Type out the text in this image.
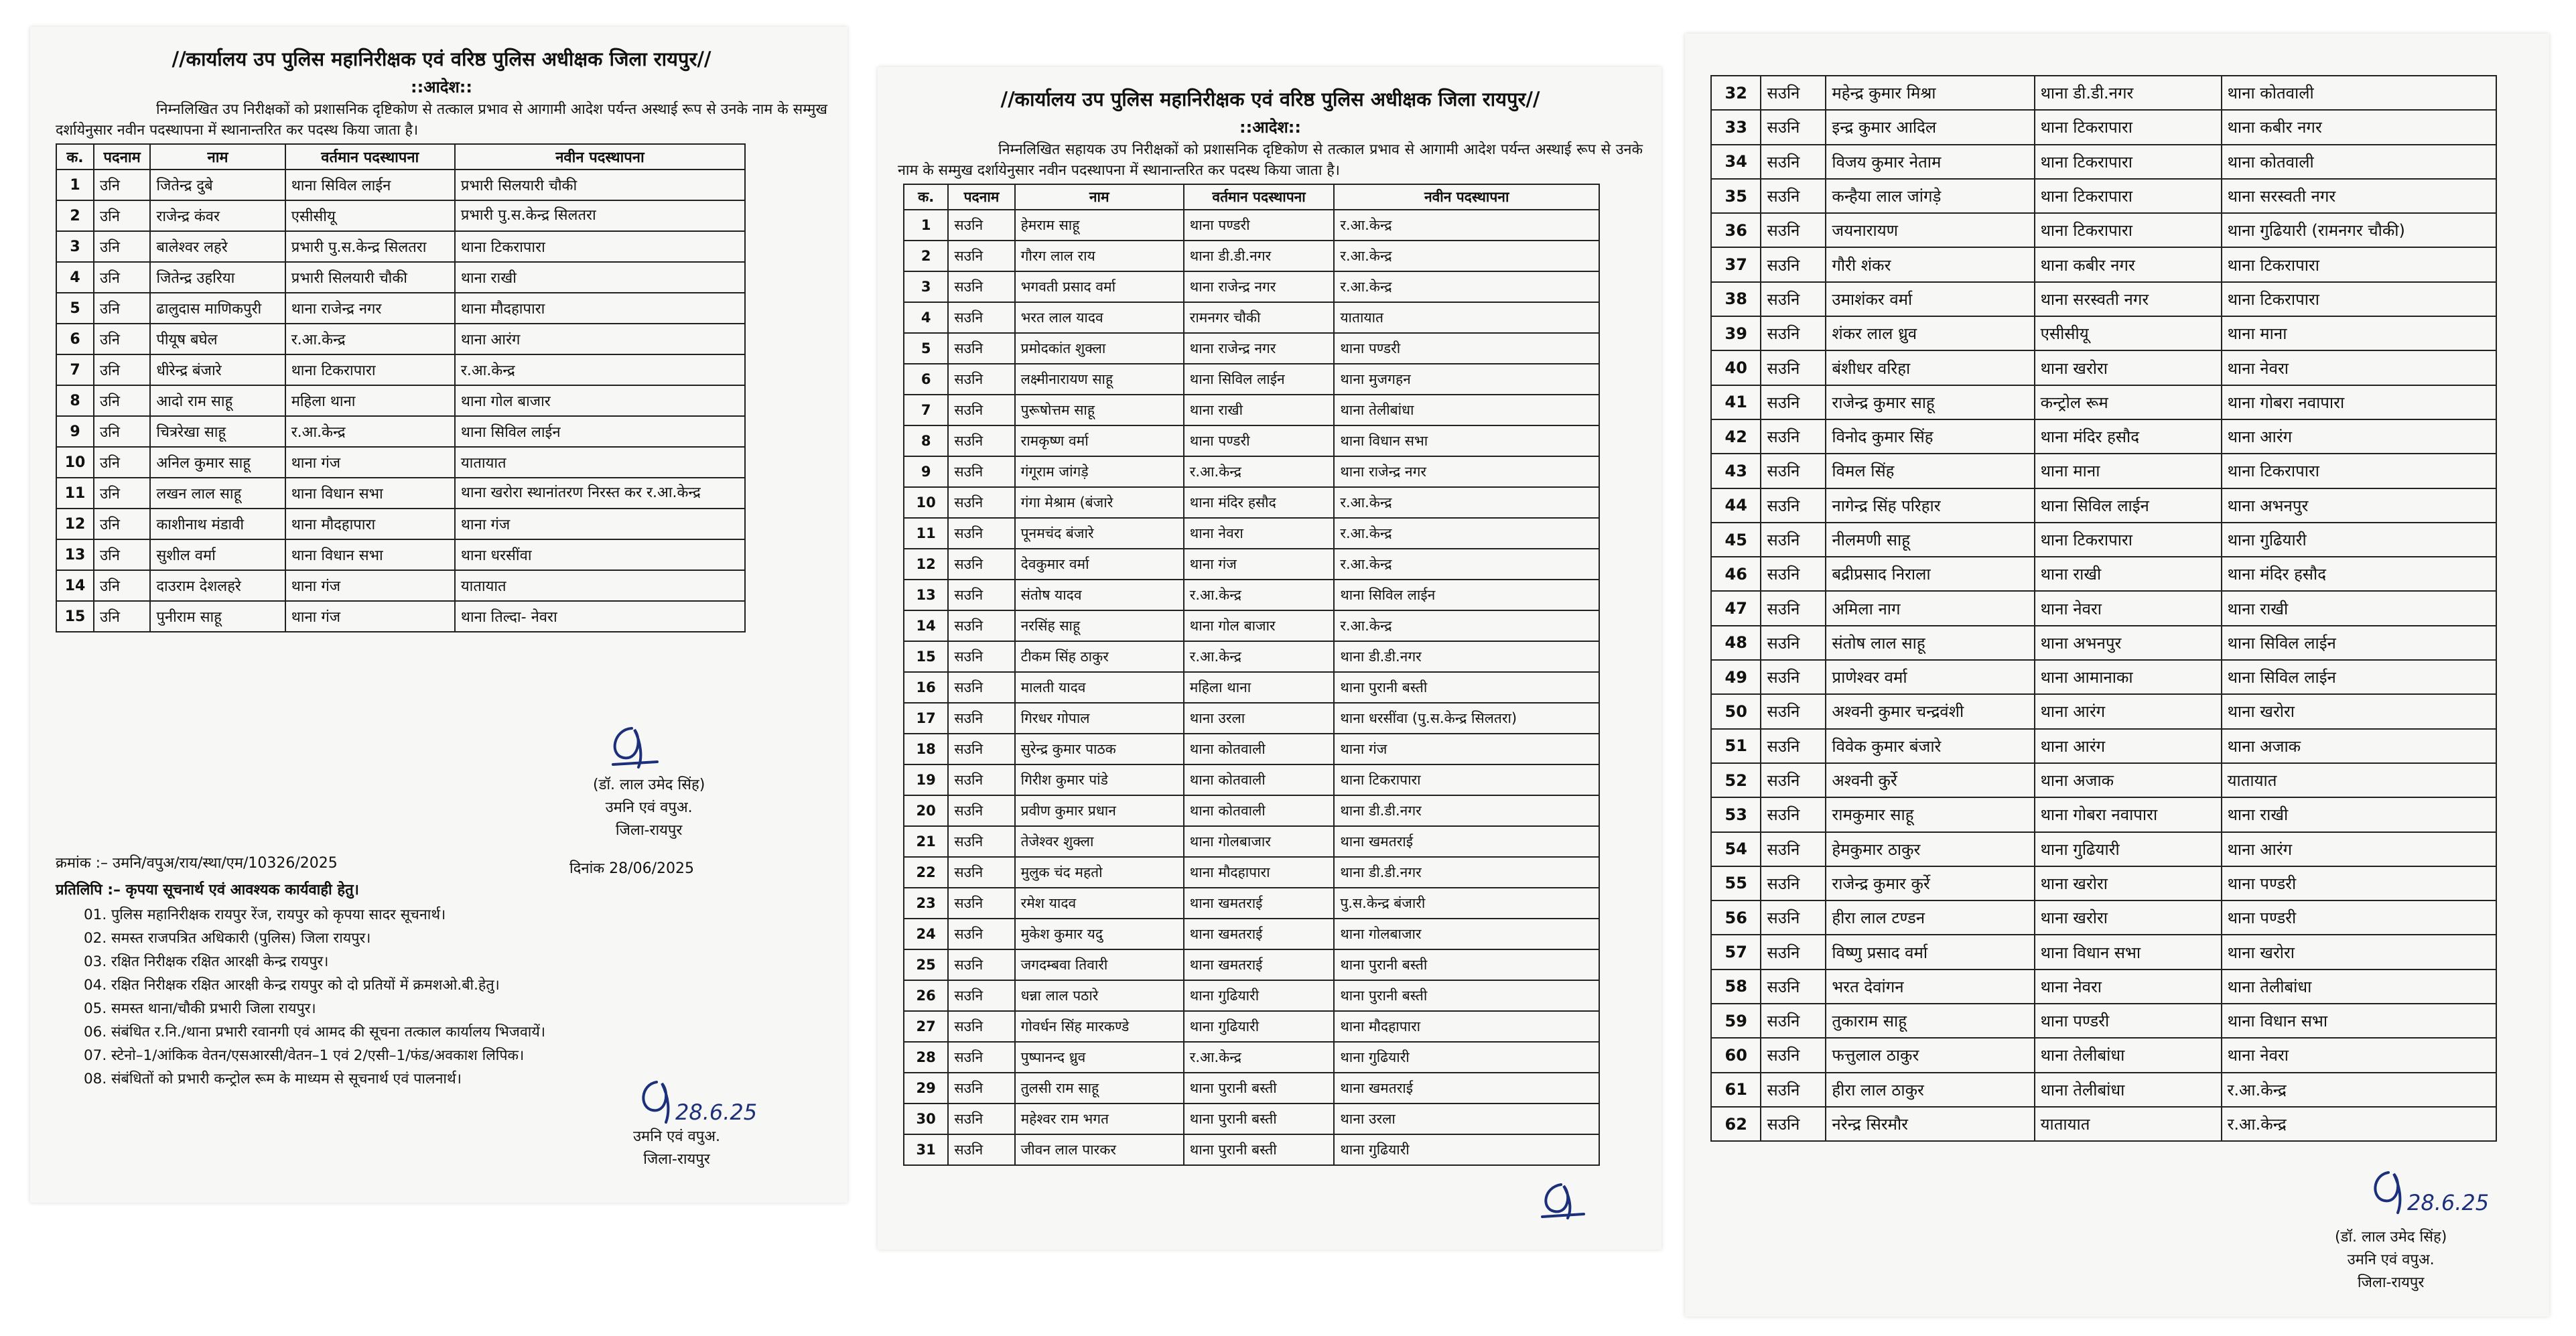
//कार्यालय उप पुलिस महानिरीक्षक एवं वरिष्ठ पुलिस अधीक्षक जिला रायपुर//
::आदेश::

निम्नलिखित उप निरीक्षकों को प्रशासनिक दृष्टिकोण से तत्काल प्रभाव से आगामी आदेश पर्यन्त अस्थाई रूप से उनके नाम के सम्मुख दर्शायेनुसार नवीन पदस्थापना में स्थानान्तरित कर पदस्थ किया जाता है।

क.	पदनाम	नाम	वर्तमान पदस्थापना	नवीन पदस्थापना
1	उनि	जितेन्द्र दुबे	थाना सिविल लाईन	प्रभारी सिलयारी चौकी
2	उनि	राजेन्द्र कंवर	एसीसीयू	प्रभारी पु.स.केन्द्र सिलतरा
3	उनि	बालेश्वर लहरे	प्रभारी पु.स.केन्द्र सिलतरा	थाना टिकरापारा
4	उनि	जितेन्द्र उहरिया	प्रभारी सिलयारी चौकी	थाना राखी
5	उनि	ढालुदास माणिकपुरी	थाना राजेन्द्र नगर	थाना मौदहापारा
6	उनि	पीयूष बघेल	र.आ.केन्द्र	थाना आरंग
7	उनि	धीरेन्द्र बंजारे	थाना टिकरापारा	र.आ.केन्द्र
8	उनि	आदो राम साहू	महिला थाना	थाना गोल बाजार
9	उनि	चित्ररेखा साहू	र.आ.केन्द्र	थाना सिविल लाईन
10	उनि	अनिल कुमार साहू	थाना गंज	यातायात
11	उनि	लखन लाल साहू	थाना विधान सभा	थाना खरोरा स्थानांतरण निरस्त कर र.आ.केन्द्र
12	उनि	काशीनाथ मंडावी	थाना मौदहापारा	थाना गंज
13	उनि	सुशील वर्मा	थाना विधान सभा	थाना धरसींवा
14	उनि	दाउराम देशलहरे	थाना गंज	यातायात
15	उनि	पुनीराम साहू	थाना गंज	थाना तिल्दा- नेवरा
(डॉ. लाल उमेद सिंह)
उमनि एवं वपुअ.
जिला-रायपुर
क्रमांक :– उमनि/वपुअ/राय/स्था/एम/10326/2025	दिनांक 28/06/2025
प्रतिलिपि :– कृपया सूचनार्थ एवं आवश्यक कार्यवाही हेतु।
01. पुलिस महानिरीक्षक रायपुर रेंज, रायपुर को कृपया सादर सूचनार्थ।
02. समस्त राजपत्रित अधिकारी (पुलिस) जिला रायपुर।
03. रक्षित निरीक्षक रक्षित आरक्षी केन्द्र रायपुर।
04. रक्षित निरीक्षक रक्षित आरक्षी केन्द्र रायपुर को दो प्रतियों में क्रमशओ.बी.हेतु।
05. समस्त थाना/चौकी प्रभारी जिला रायपुर।
06. संबंधित र.नि./थाना प्रभारी रवानगी एवं आमद की सूचना तत्काल कार्यालय भिजवायें।
07. स्टेनो–1/आंकिक वेतन/एसआरसी/वेतन–1 एवं 2/एसी–1/फंड/अवकाश लिपिक।
08. संबंधितों को प्रभारी कन्ट्रोल रूम के माध्यम से सूचनार्थ एवं पालनार्थ।
28.6.25
उमनि एवं वपुअ.
जिला-रायपुर
//कार्यालय उप पुलिस महानिरीक्षक एवं वरिष्ठ पुलिस अधीक्षक जिला रायपुर//
::आदेश::

निम्नलिखित सहायक उप निरीक्षकों को प्रशासनिक दृष्टिकोण से तत्काल प्रभाव से आगामी आदेश पर्यन्त अस्थाई रूप से उनके नाम के सम्मुख दर्शायेनुसार नवीन पदस्थापना में स्थानान्तरित कर पदस्थ किया जाता है।

क.	पदनाम	नाम	वर्तमान पदस्थापना	नवीन पदस्थापना
1	सउनि	हेमराम साहू	थाना पण्डरी	र.आ.केन्द्र
2	सउनि	गौरग लाल राय	थाना डी.डी.नगर	र.आ.केन्द्र
3	सउनि	भगवती प्रसाद वर्मा	थाना राजेन्द्र नगर	र.आ.केन्द्र
4	सउनि	भरत लाल यादव	रामनगर चौकी	यातायात
5	सउनि	प्रमोदकांत शुक्ला	थाना राजेन्द्र नगर	थाना पण्डरी
6	सउनि	लक्ष्मीनारायण साहू	थाना सिविल लाईन	थाना मुजगहन
7	सउनि	पुरूषोत्तम साहू	थाना राखी	थाना तेलीबांधा
8	सउनि	रामकृष्ण वर्मा	थाना पण्डरी	थाना विधान सभा
9	सउनि	गंगूराम जांगड़े	र.आ.केन्द्र	थाना राजेन्द्र नगर
10	सउनि	गंगा मेश्राम (बंजारे	थाना मंदिर हसौद	र.आ.केन्द्र
11	सउनि	पूनमचंद बंजारे	थाना नेवरा	र.आ.केन्द्र
12	सउनि	देवकुमार वर्मा	थाना गंज	र.आ.केन्द्र
13	सउनि	संतोष यादव	र.आ.केन्द्र	थाना सिविल लाईन
14	सउनि	नरसिंह साहू	थाना गोल बाजार	र.आ.केन्द्र
15	सउनि	टीकम सिंह ठाकुर	र.आ.केन्द्र	थाना डी.डी.नगर
16	सउनि	मालती यादव	महिला थाना	थाना पुरानी बस्ती
17	सउनि	गिरधर गोपाल	थाना उरला	थाना धरसींवा (पु.स.केन्द्र सिलतरा)
18	सउनि	सुरेन्द्र कुमार पाठक	थाना कोतवाली	थाना गंज
19	सउनि	गिरीश कुमार पांडे	थाना कोतवाली	थाना टिकरापारा
20	सउनि	प्रवीण कुमार प्रधान	थाना कोतवाली	थाना डी.डी.नगर
21	सउनि	तेजेश्वर शुक्ला	थाना गोलबाजार	थाना खमतराई
22	सउनि	मुलुक चंद महतो	थाना मौदहापारा	थाना डी.डी.नगर
23	सउनि	रमेश यादव	थाना खमतराई	पु.स.केन्द्र बंजारी
24	सउनि	मुकेश कुमार यदु	थाना खमतराई	थाना गोलबाजार
25	सउनि	जगदम्बवा तिवारी	थाना खमतराई	थाना पुरानी बस्ती
26	सउनि	धन्ना लाल पठारे	थाना गुढियारी	थाना पुरानी बस्ती
27	सउनि	गोवर्धन सिंह मारकण्डे	थाना गुढियारी	थाना मौदहापारा
28	सउनि	पुष्पानन्द ध्रुव	र.आ.केन्द्र	थाना गुढियारी
29	सउनि	तुलसी राम साहू	थाना पुरानी बस्ती	थाना खमतराई
30	सउनि	महेश्वर राम भगत	थाना पुरानी बस्ती	थाना उरला
31	सउनि	जीवन लाल पारकर	थाना पुरानी बस्ती	थाना गुढियारी
32	सउनि	महेन्द्र कुमार मिश्रा	थाना डी.डी.नगर	थाना कोतवाली
33	सउनि	इन्द्र कुमार आदिल	थाना टिकरापारा	थाना कबीर नगर
34	सउनि	विजय कुमार नेताम	थाना टिकरापारा	थाना कोतवाली
35	सउनि	कन्हैया लाल जांगड़े	थाना टिकरापारा	थाना सरस्वती नगर
36	सउनि	जयनारायण	थाना टिकरापारा	थाना गुढियारी (रामनगर चौकी)
37	सउनि	गौरी शंकर	थाना कबीर नगर	थाना टिकरापारा
38	सउनि	उमाशंकर वर्मा	थाना सरस्वती नगर	थाना टिकरापारा
39	सउनि	शंकर लाल ध्रुव	एसीसीयू	थाना माना
40	सउनि	बंशीधर वरिहा	थाना खरोरा	थाना नेवरा
41	सउनि	राजेन्द्र कुमार साहू	कन्ट्रोल रूम	थाना गोबरा नवापारा
42	सउनि	विनोद कुमार सिंह	थाना मंदिर हसौद	थाना आरंग
43	सउनि	विमल सिंह	थाना माना	थाना टिकरापारा
44	सउनि	नागेन्द्र सिंह परिहार	थाना सिविल लाईन	थाना अभनपुर
45	सउनि	नीलमणी साहू	थाना टिकरापारा	थाना गुढियारी
46	सउनि	बद्रीप्रसाद निराला	थाना राखी	थाना मंदिर हसौद
47	सउनि	अमिला नाग	थाना नेवरा	थाना राखी
48	सउनि	संतोष लाल साहू	थाना अभनपुर	थाना सिविल लाईन
49	सउनि	प्राणेश्वर वर्मा	थाना आमानाका	थाना सिविल लाईन
50	सउनि	अश्वनी कुमार चन्द्रवंशी	थाना आरंग	थाना खरोरा
51	सउनि	विवेक कुमार बंजारे	थाना आरंग	थाना अजाक
52	सउनि	अश्वनी कुर्रे	थाना अजाक	यातायात
53	सउनि	रामकुमार साहू	थाना गोबरा नवापारा	थाना राखी
54	सउनि	हेमकुमार ठाकुर	थाना गुढियारी	थाना आरंग
55	सउनि	राजेन्द्र कुमार कुर्रे	थाना खरोरा	थाना पण्डरी
56	सउनि	हीरा लाल टण्डन	थाना खरोरा	थाना पण्डरी
57	सउनि	विष्णु प्रसाद वर्मा	थाना विधान सभा	थाना खरोरा
58	सउनि	भरत देवांगन	थाना नेवरा	थाना तेलीबांधा
59	सउनि	तुकाराम साहू	थाना पण्डरी	थाना विधान सभा
60	सउनि	फत्तुलाल ठाकुर	थाना तेलीबांधा	थाना नेवरा
61	सउनि	हीरा लाल ठाकुर	थाना तेलीबांधा	र.आ.केन्द्र
62	सउनि	नरेन्द्र सिरमौर	यातायात	र.आ.केन्द्र
28.6.25
(डॉ. लाल उमेद सिंह)
उमनि एवं वपुअ.
जिला-रायपुर
